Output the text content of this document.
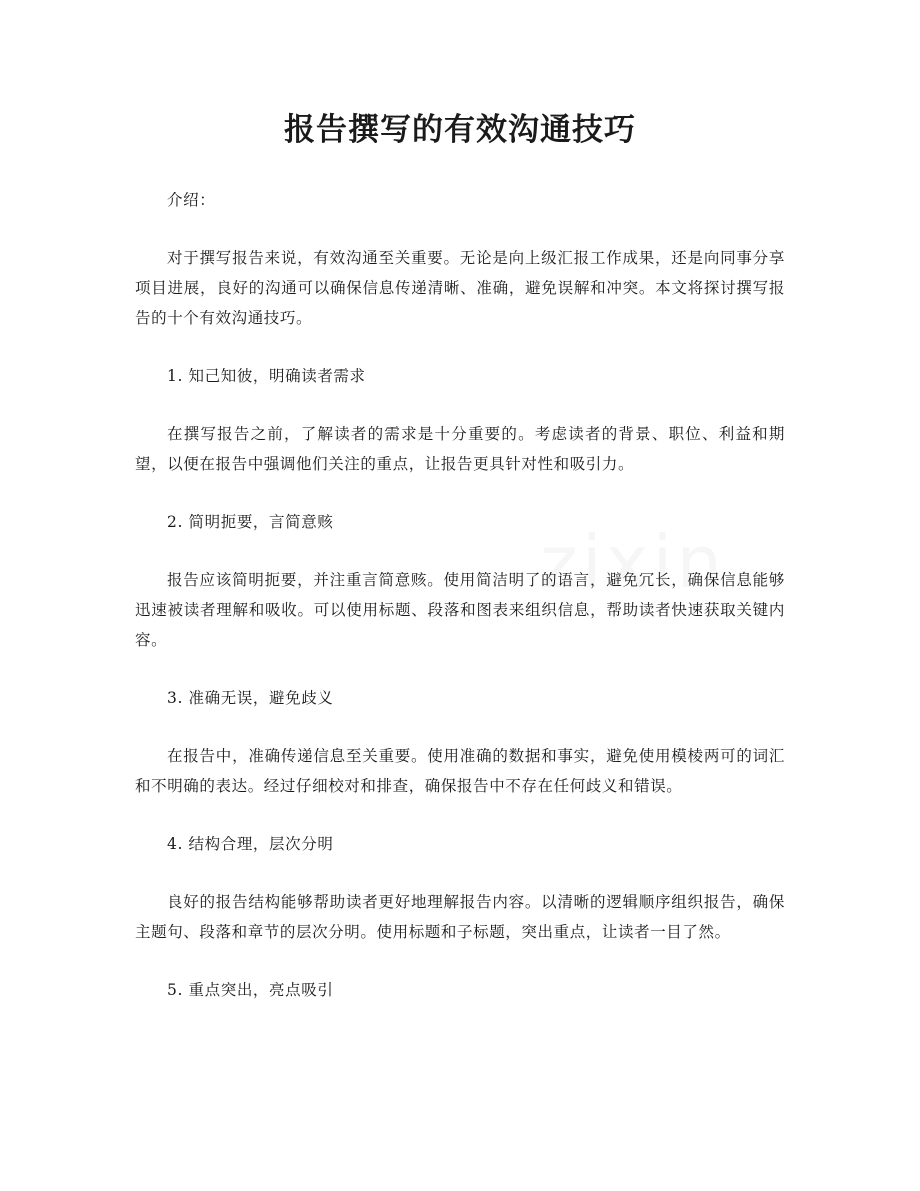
报告撰写的有效沟通技巧

介绍：

对于撰写报告来说，有效沟通至关重要。无论是向上级汇报工作成果，还是向同事分享项目进展，良好的沟通可以确保信息传递清晰、准确，避免误解和冲突。本文将探讨撰写报告的十个有效沟通技巧。

1. 知己知彼，明确读者需求

在撰写报告之前，了解读者的需求是十分重要的。考虑读者的背景、职位、利益和期望，以便在报告中强调他们关注的重点，让报告更具针对性和吸引力。

2. 简明扼要，言简意赅

报告应该简明扼要，并注重言简意赅。使用简洁明了的语言，避免冗长，确保信息能够迅速被读者理解和吸收。可以使用标题、段落和图表来组织信息，帮助读者快速获取关键内容。

3. 准确无误，避免歧义

在报告中，准确传递信息至关重要。使用准确的数据和事实，避免使用模棱两可的词汇和不明确的表达。经过仔细校对和排查，确保报告中不存在任何歧义和错误。

4. 结构合理，层次分明

良好的报告结构能够帮助读者更好地理解报告内容。以清晰的逻辑顺序组织报告，确保主题句、段落和章节的层次分明。使用标题和子标题，突出重点，让读者一目了然。

5. 重点突出，亮点吸引
